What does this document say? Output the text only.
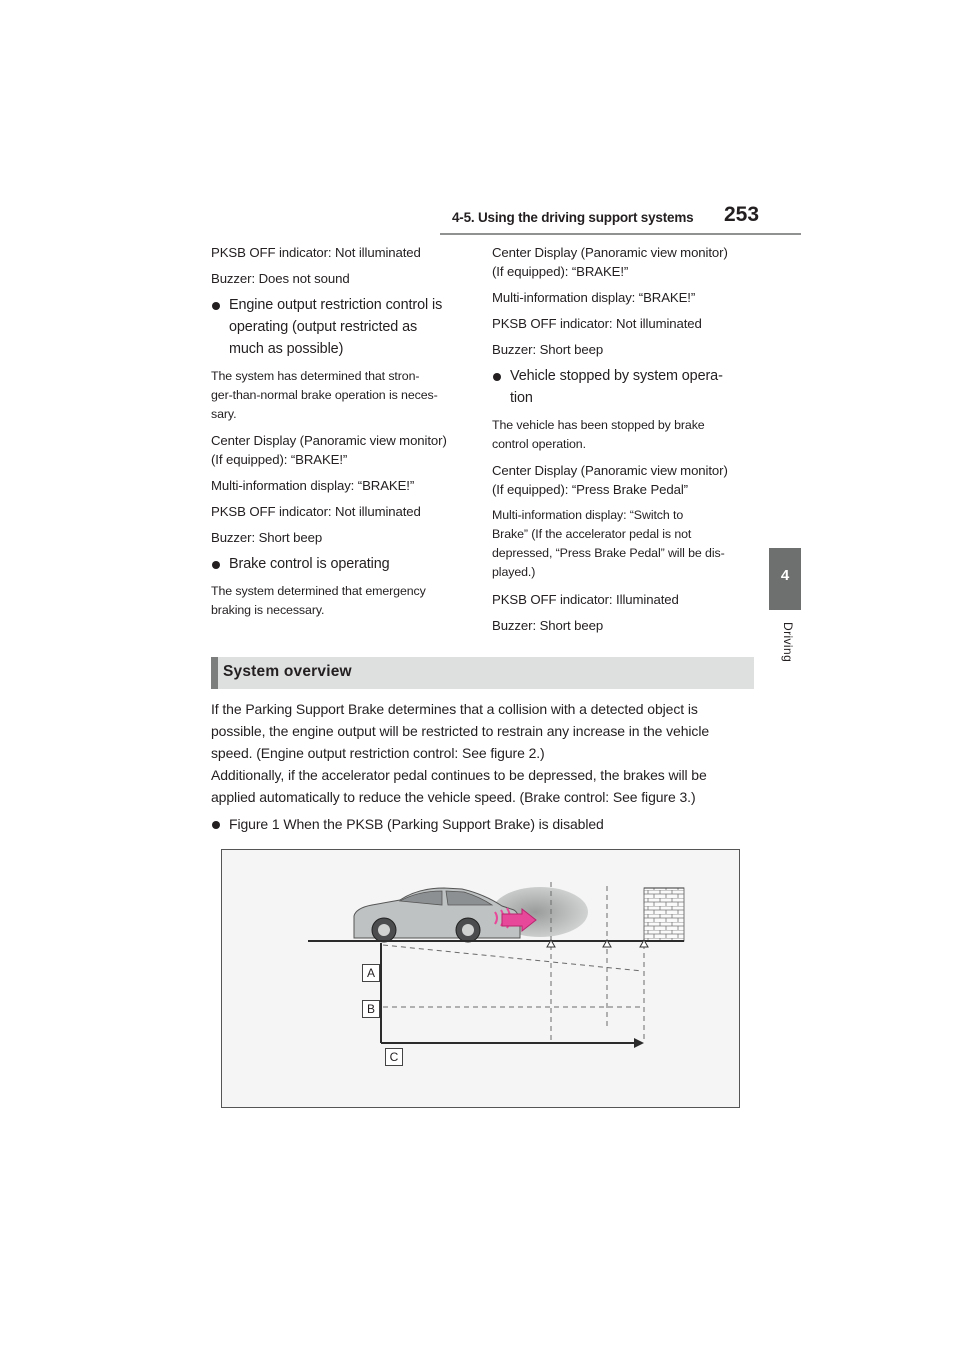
4-5. Using the driving support systems 253
4
Driving
PKSB OFF indicator: Not illuminated
Buzzer: Does not sound
Engine output restriction control is
operating (output restricted as
much as possible)
The system has determined that stron-
ger-than-normal brake operation is neces-
sary.
Center Display (Panoramic view monitor)
(If equipped): “BRAKE!”
Multi-information display: “BRAKE!”
PKSB OFF indicator: Not illuminated
Buzzer: Short beep
Brake control is operating
The system determined that emergency
braking is necessary.
Center Display (Panoramic view monitor)
(If equipped): “BRAKE!”
Multi-information display: “BRAKE!”
PKSB OFF indicator: Not illuminated
Buzzer: Short beep
Vehicle stopped by system opera-
tion
The vehicle has been stopped by brake
control operation.
Center Display (Panoramic view monitor)
(If equipped): “Press Brake Pedal”
Multi-information display: “Switch to
Brake” (If the accelerator pedal is not
depressed, “Press Brake Pedal” will be dis-
played.)
PKSB OFF indicator: Illuminated
Buzzer: Short beep
System overview
If the Parking Support Brake determines that a collision with a detected object is
possible, the engine output will be restricted to restrain any increase in the vehicle
speed. (Engine output restriction control: See figure 2.)
Additionally, if the accelerator pedal continues to be depressed, the brakes will be
applied automatically to reduce the vehicle speed. (Brake control: See figure 3.)
Figure 1 When the PKSB (Parking Support Brake) is disabled
A
B
C
